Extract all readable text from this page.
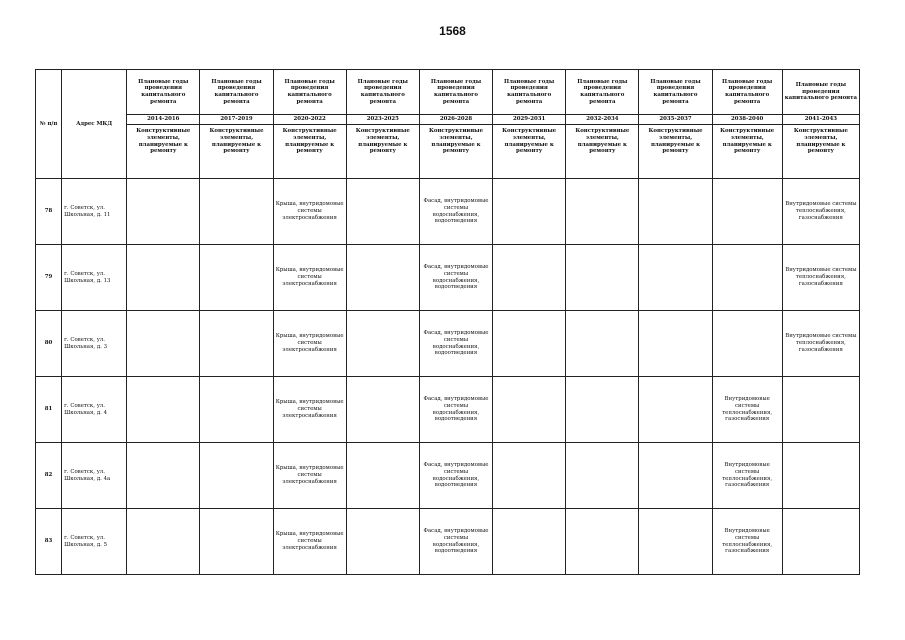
1568
№ п/п	Адрес МКД	Плановые годы проведения капитального ремонта	Плановые годы проведения капитального ремонта	Плановые годы проведения капитального ремонта	Плановые годы проведения капитального ремонта	Плановые годы проведения капитального ремонта	Плановые годы проведения капитального ремонта	Плановые годы проведения капитального ремонта	Плановые годы проведения капитального ремонта	Плановые годы проведения капитального ремонта	Плановые годы проведения капитального ремонта
		2014-2016	2017-2019	2020-2022	2023-2025	2026-2028	2029-2031	2032-2034	2035-2037	2038-2040	2041-2043
		Конструктивные элементы, планируемые к ремонту	Конструктивные элементы, планируемые к ремонту	Конструктивные элементы, планируемые к ремонту	Конструктивные элементы, планируемые к ремонту	Конструктивные элементы, планируемые к ремонту	Конструктивные элементы, планируемые к ремонту	Конструктивные элементы, планируемые к ремонту	Конструктивные элементы, планируемые к ремонту	Конструктивные элементы, планируемые к ремонту	Конструктивные элементы, планируемые к ремонту
78	г. Советск, ул. Школьная, д. 11			Крыша, внутридомовые системы электроснабжения		Фасад, внутридомовые системы водоснабжения, водоотведения					Внутридомовые системы теплоснабжения, газоснабжения
79	г. Советск, ул. Школьная, д. 13			Крыша, внутридомовые системы электроснабжения		Фасад, внутридомовые системы водоснабжения, водоотведения					Внутридомовые системы теплоснабжения, газоснабжения
80	г. Советск, ул. Школьная, д. 3			Крыша, внутридомовые системы электроснабжения		Фасад, внутридомовые системы водоснабжения, водоотведения					Внутридомовые системы теплоснабжения, газоснабжения
81	г. Советск, ул. Школьная, д. 4			Крыша, внутридомовые системы электроснабжения		Фасад, внутридомовые системы водоснабжения, водоотведения				Внутридомовые системы теплоснабжения, газоснабжения	
82	г. Советск, ул. Школьная, д. 4а			Крыша, внутридомовые системы электроснабжения		Фасад, внутридомовые системы водоснабжения, водоотведения				Внутридомовые системы теплоснабжения, газоснабжения	
83	г. Советск, ул. Школьная, д. 5			Крыша, внутридомовые системы электроснабжения		Фасад, внутридомовые системы водоснабжения, водоотведения				Внутридомовые системы теплоснабжения, газоснабжения	
